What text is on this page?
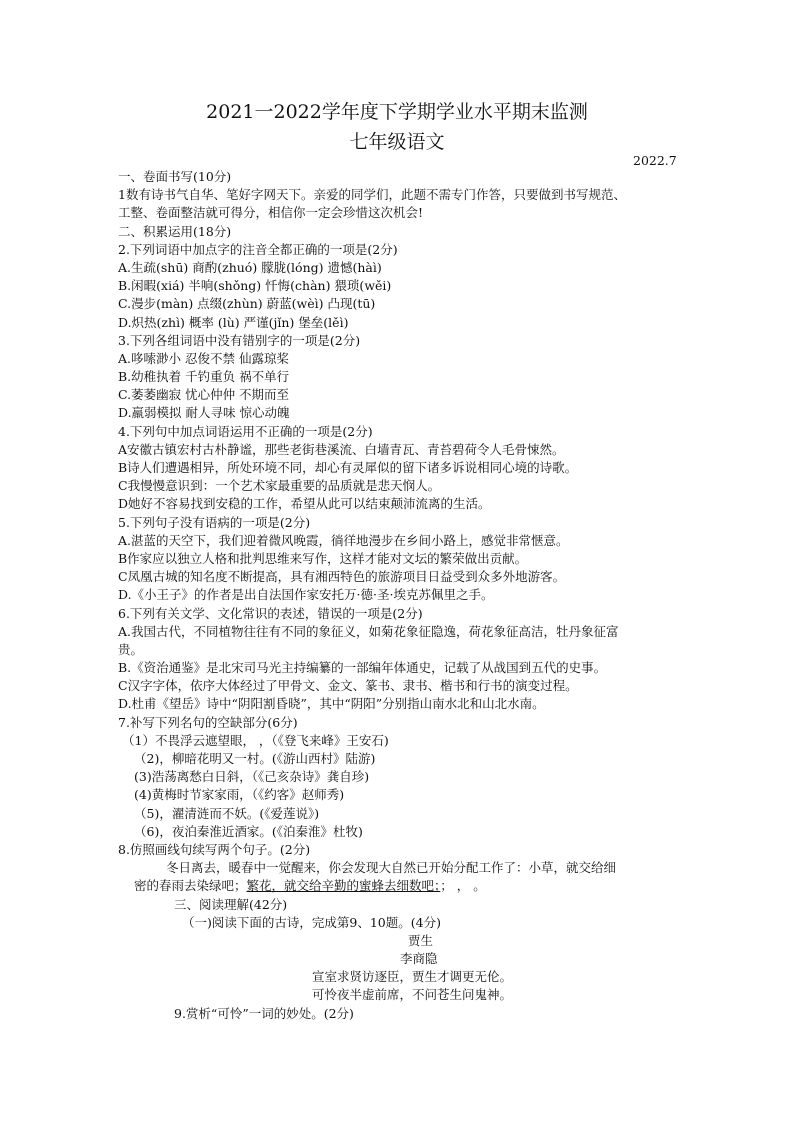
2021一2022学年度下学期学业水平期末监测
七年级语文
2022.7
一、卷面书写(10分)
1数有诗书气自华、笔好字网天下。亲爱的同学们，此题不需专门作答，只要做到书写规范、
工整、卷面整洁就可得分，相信你一定会珍惜这次机会!
二、积累运用(18分)
2.下列词语中加点字的注音全都正确的一项是(2分)
A.生疏(shū) 商酌(zhuó) 朦胧(lóng) 遗憾(hàì)
B.闲暇(xiá) 半响(shǒng) 忏悔(chàn) 猥琐(wěi)
C.漫步(màn) 点缀(zhùn) 蔚蓝(wèì) 凸现(tū)
D.炽热(zhì) 概率 (lù) 严谨(jǐn) 堡垒(lěì)
3.下列各组词语中没有错别字的一项是(2分)
A.哆嗦渺小 忍俊不禁 仙露琼桨
B.幼稚执着 千钓重负 祸不单行
C.萎萎幽寂 忧心仲仲 不期而至
D.羸弱模拟 耐人寻味 惊心动魄
4.下列句中加点词语运用不正确的一项是(2分)
A安徽古镇宏村古朴静谧，那些老街巷溪流、白墙青瓦、青苔碧荷令人毛骨悚然。
B诗人们遭遇相异，所处环境不同，却心有灵犀似的留下诸多诉说相同心境的诗歌。
C我慢慢意识到：一个艺术家最重要的品质就是悲天悯人。
D她好不容易找到安稳的工作，希望从此可以结束颠沛流离的生活。
5.下列句子没有语病的一项是(2分)
A.湛蓝的天空下，我们迎着微风晚霞，徜徉地漫步在乡间小路上，感觉非常惬意。
B作家应以独立人格和批判思维来写作，这样才能对文坛的繁荣做出贡献。
C凤凰古城的知名度不断提高，具有湘西特色的旅游项目日益受到众多外地游客。
D.《小王子》的作者是出自法国作家安托万·德·圣·埃克苏佩里之手。
6.下列有关文学、文化常识的表述，错误的一项是(2分)
A.我国古代，不同植物往往有不同的象征义，如菊花象征隐逸，荷花象征高洁，牡丹象征富
贵。
B.《资治通鉴》是北宋司马光主持编纂的一部编年体通史，记载了从战国到五代的史事。
C汉字字体，依序大体经过了甲骨文、金文、篆书、隶书、楷书和行书的演变过程。
D.杜甫《望岳》诗中“阴阳割昏晓”，其中“阴阳”分别指山南水北和山北水南。
7.补写下列名句的空缺部分(6分)
（1）不畏浮云遮望眼， ，（《登飞来峰》王安石)
（2)，柳暗花明又一村。(《游山西村》陆游)
(3)浩荡离愁白日斜，（《己亥杂诗》龚自珍)
(4)黄梅时节家家雨，（《约客》赵师秀)
（5)，濯清涟而不妖。(《爱莲说》)
（6)，夜泊秦淮近酒家。(《泊秦淮》杜牧)
8.仿照画线句续写两个句子。(2分)
冬日离去，暖春中一觉醒来，你会发现大自然已开始分配工作了：小草，就交给细
密的春雨去染绿吧；繁花，就交给辛勤的蜜蜂去细数吧；； ， 。
三、阅读理解(42分)
（一)阅读下面的古诗，完成第9、10题。(4分)
贾生
李商隐
宣室求贤访逐臣，贾生才调更无伦。
可怜夜半虚前席，不问苍生问鬼神。
9.赏析“可怜”一词的妙处。(2分)
